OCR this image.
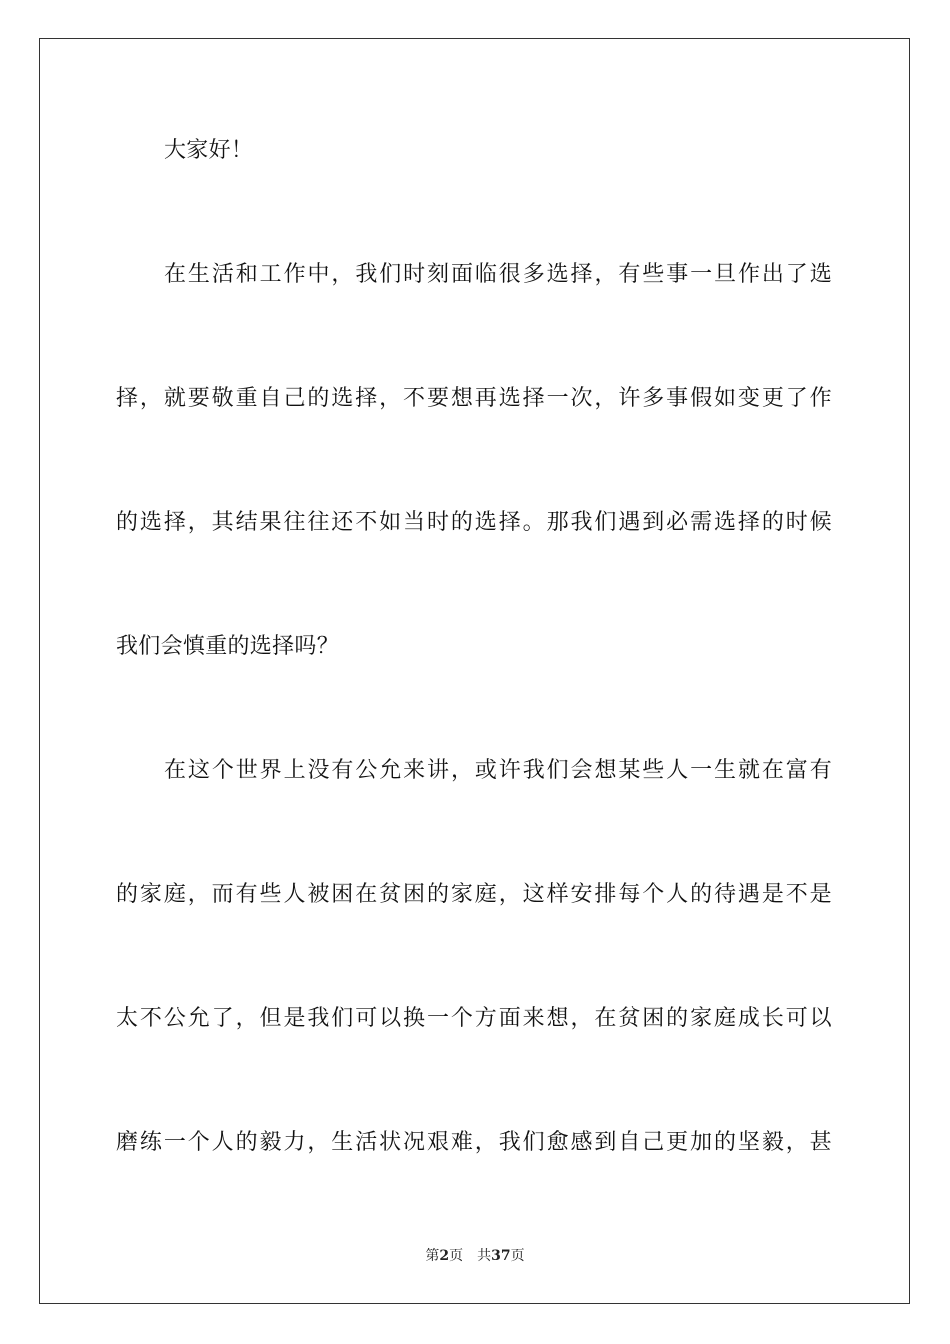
大家好！
在生活和工作中，我们时刻面临很多选择，有些事一旦作出了选
择，就要敬重自己的选择，不要想再选择一次，许多事假如变更了作
的选择，其结果往往还不如当时的选择。那我们遇到必需选择的时候
我们会慎重的选择吗？
在这个世界上没有公允来讲，或许我们会想某些人一生就在富有
的家庭，而有些人被困在贫困的家庭，这样安排每个人的待遇是不是
太不公允了，但是我们可以换一个方面来想，在贫困的家庭成长可以
磨练一个人的毅力，生活状况艰难，我们愈感到自己更加的坚毅，甚
第2页 共37页
